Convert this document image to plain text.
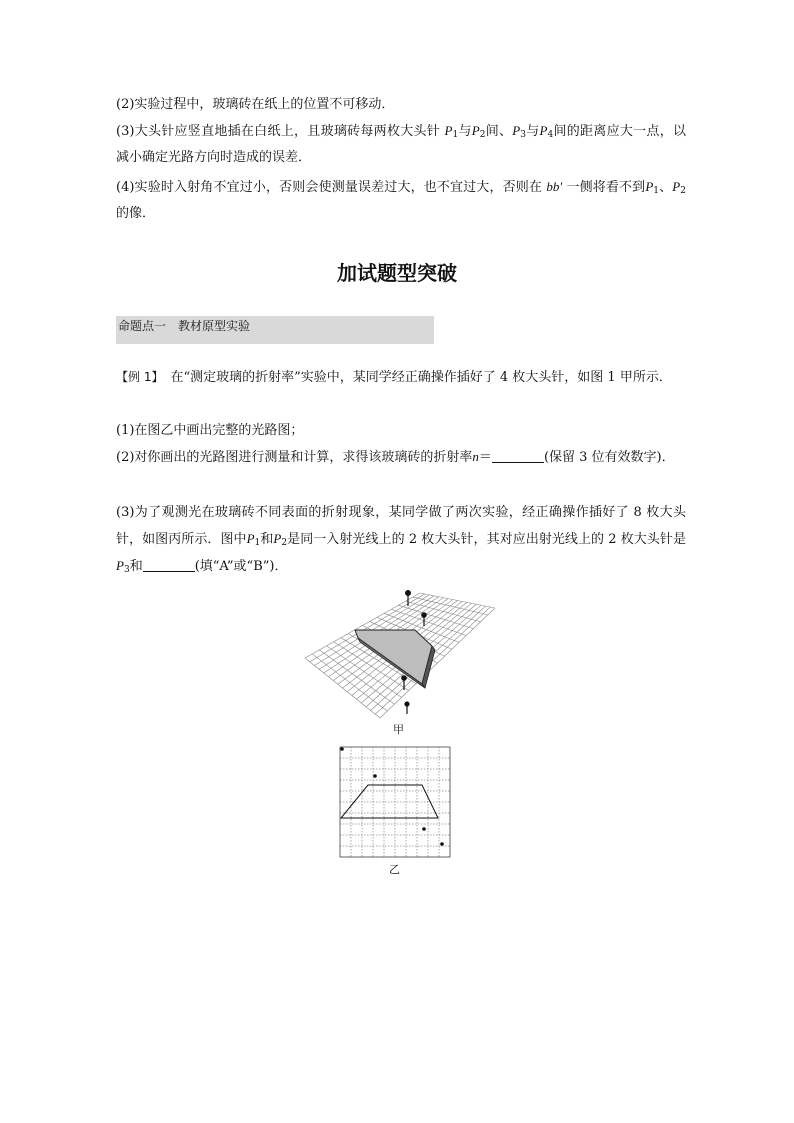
(2)实验过程中，玻璃砖在纸上的位置不可移动．

(3)大头针应竖直地插在白纸上，且玻璃砖每两枚大头针 $P_1$与$P_2$间、$P_3$与$P_4$间的距离应大一点，以减小确定光路方向时造成的误差．

(4)实验时入射角不宜过小，否则会使测量误差过大，也不宜过大，否则在 bb′ 一侧将看不到$P_1$、$P_2$的像．

加试题型突破
命题点一　教材原型实验

【例 1】　 在“测定玻璃的折射率”实验中，某同学经正确操作插好了 4 枚大头针，如图 1 甲所示．

(1)在图乙中画出完整的光路图；

(2)对你画出的光路图进行测量和计算，求得该玻璃砖的折射率n＝	(保留 3 位有效数字)．

(3)为了观测光在玻璃砖不同表面的折射现象，某同学做了两次实验，经正确操作插好了 8 枚大头针，如图丙所示．图中$P_1$和$P_2$是同一入射光线上的 2 枚大头针，其对应出射光线上的 2 枚大头针是$P_3$和	(填“A”或“B”)．

甲
乙
